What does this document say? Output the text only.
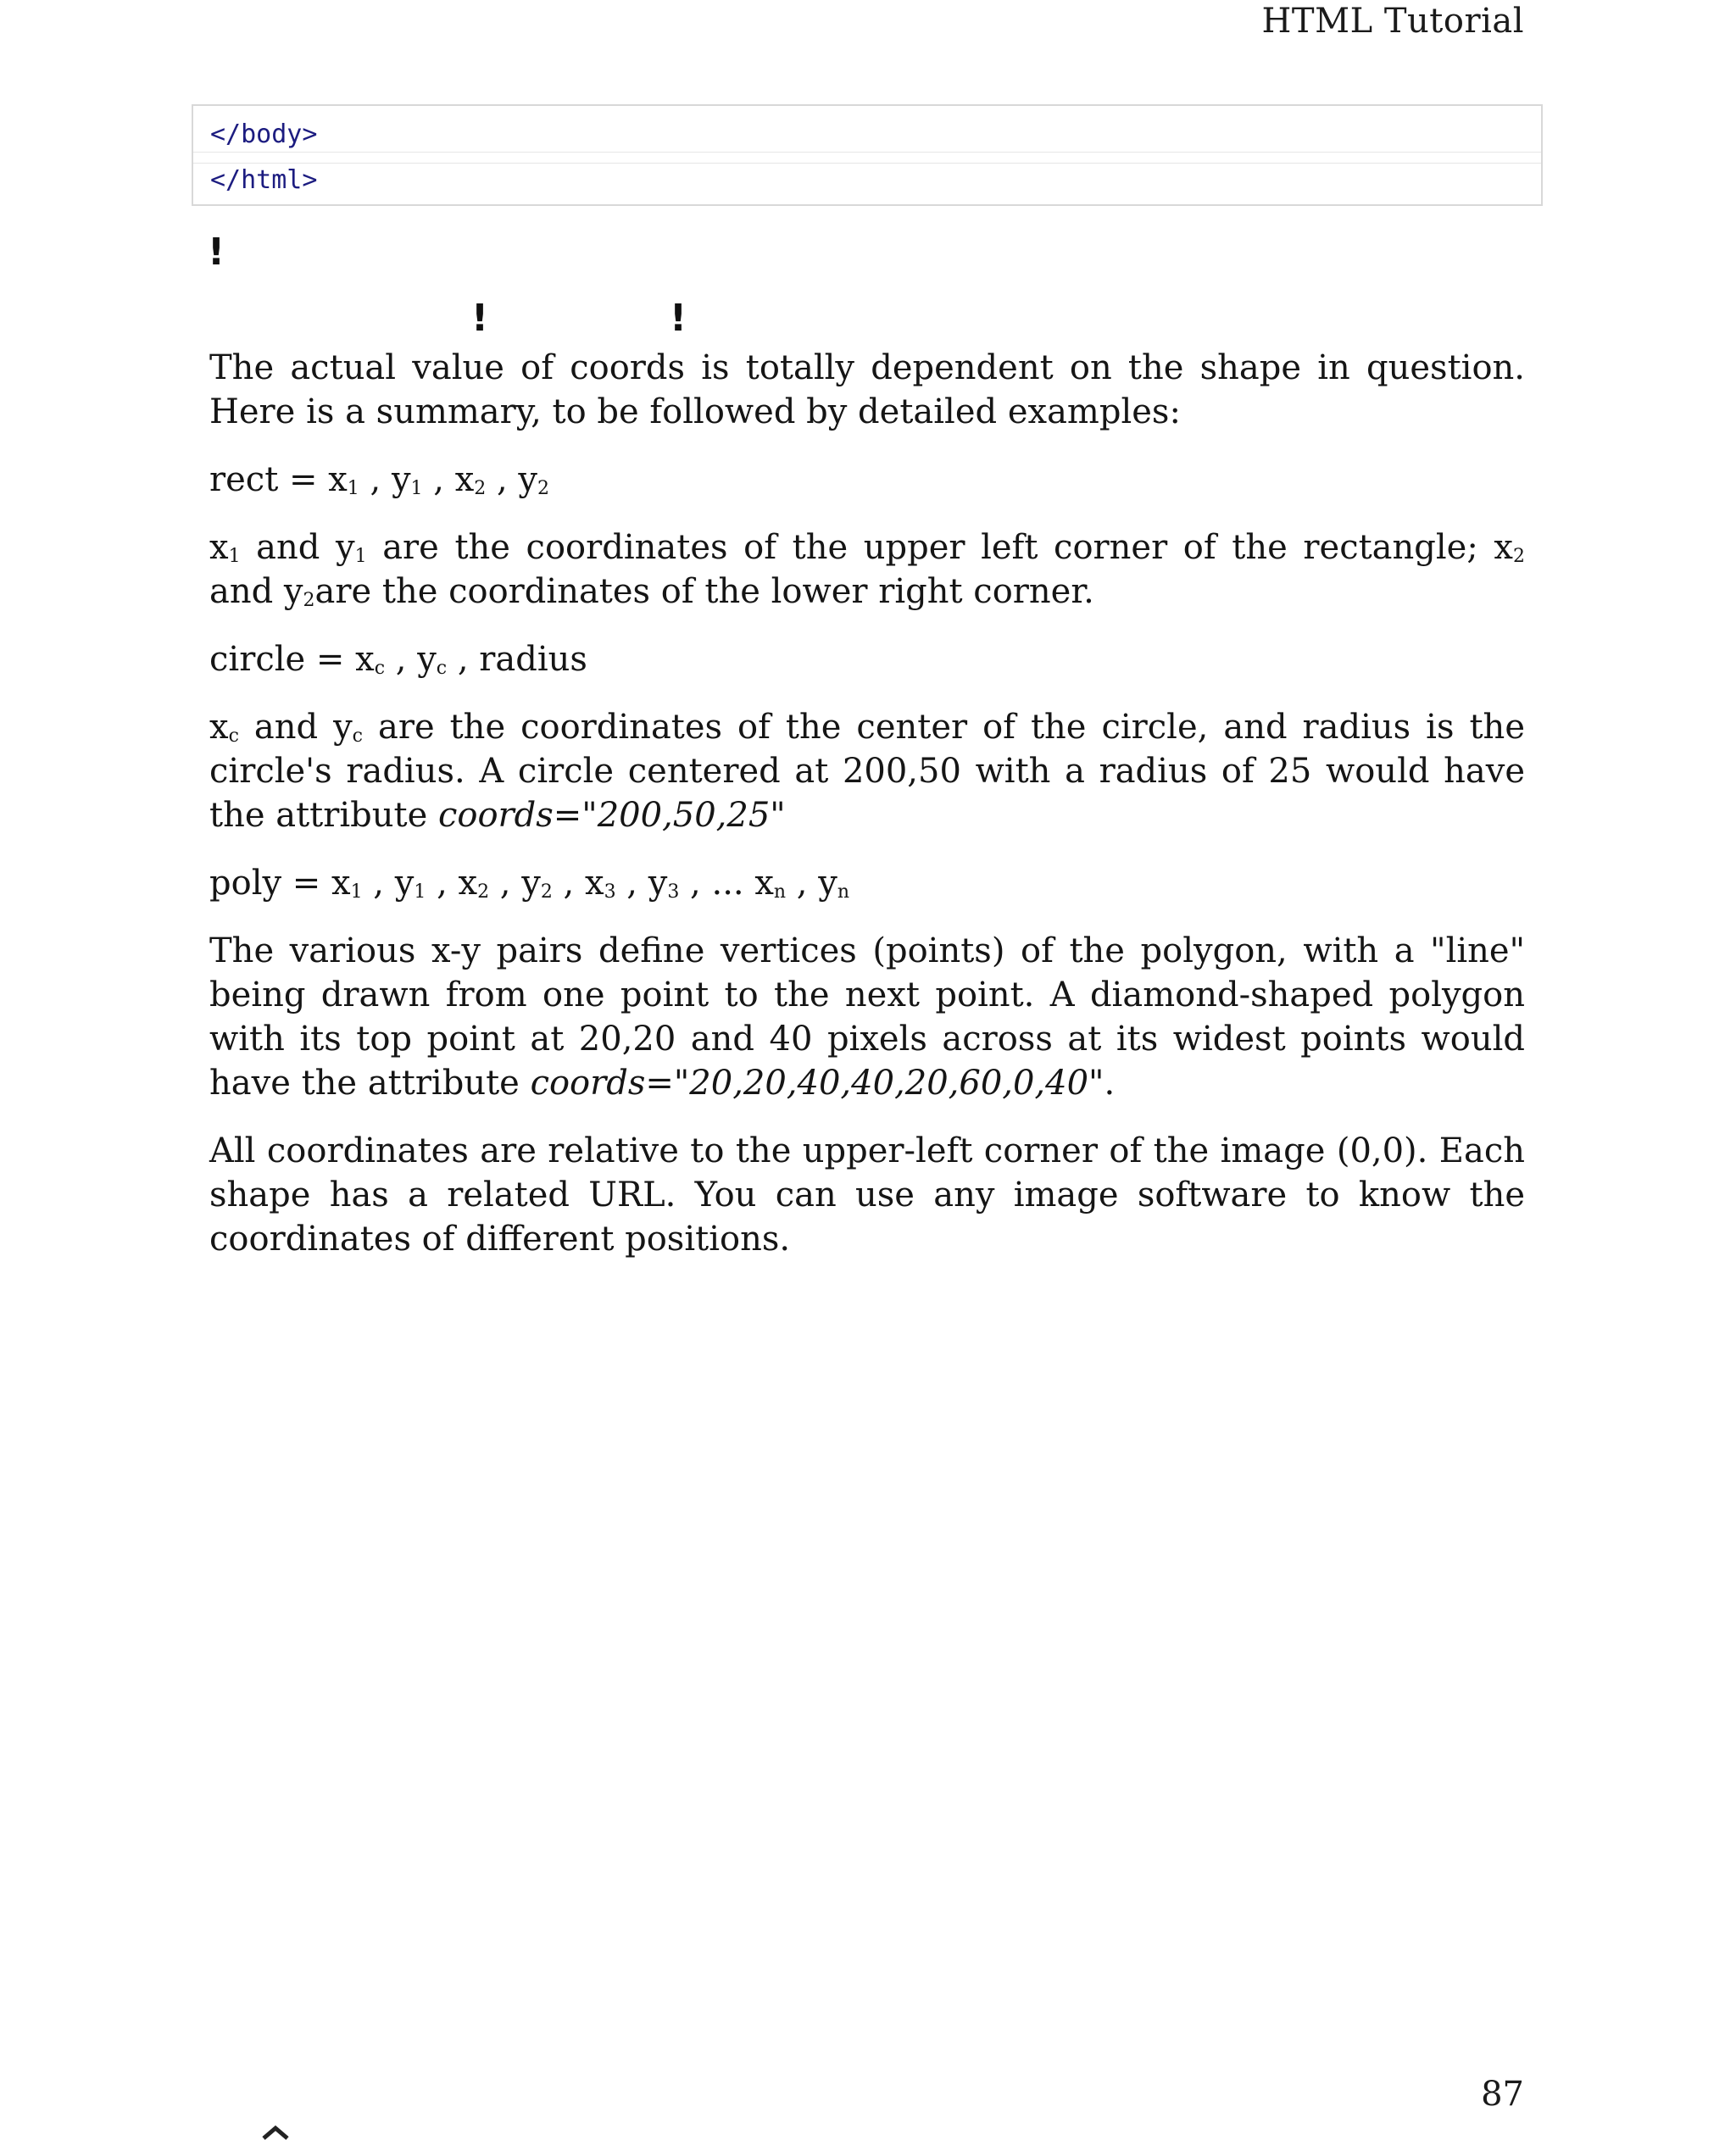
HTML Tutorial
</body>
</html>
!
!	!

The actual value of coords is totally dependent on the shape in question. Here is a summary, to be followed by detailed examples:

rect = $x_1$ , $y_1$ , $x_2$ , $y_2$

$x_1$ and $y_1$ are the coordinates of the upper left corner of the rectangle; $x_2$ and $y_2are$ the coordinates of the lower right corner.

circle = $x_c$ , $y_c$ , radius

$x_c$ and $y_c$ are the coordinates of the center of the circle, and radius is the circle's radius. A circle centered at 200,50 with a radius of 25 would have the attribute coords="200,50,25"

poly = $x_1$ , $y_1$ , $x_2$ , $y_2$ , $x_3$ , $y_3$ , ... $x_n$ , $y_n$

The various x-y pairs define vertices (points) of the polygon, with a "line" being drawn from one point to the next point. A diamond-shaped polygon with its top point at 20,20 and 40 pixels across at its widest points would have the attribute coords="20,20,40,40,20,60,0,40".

All coordinates are relative to the upper-left corner of the image (0,0). Each shape has a related URL. You can use any image software to know the coordinates of different positions.

87
